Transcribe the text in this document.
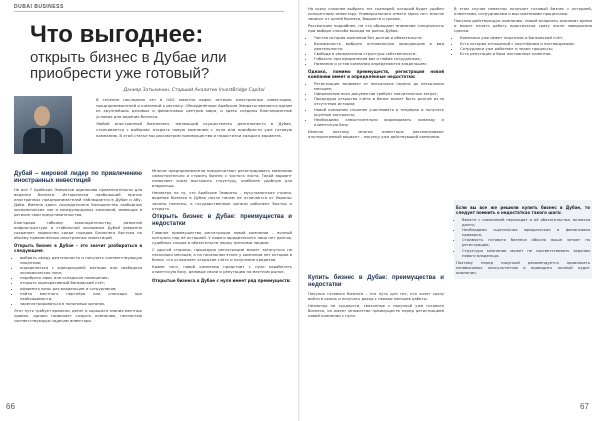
DUBAI BUSINESS
Что выгоднее:
открыть бизнес в Дубае или приобрести уже готовый?
Данияр Затыкинин, Старший Аналитик InvestBridge Capital

В течение последних лет в ОАЭ заметно вырос интерес иностранных инвесторов, предпринимателей и компаний к региону. Объединённые Арабские Эмираты являются одним из крупнейших деловых и финансовых центров мира, и здесь созданы благоприятные условия для ведения бизнеса.

Любой иностранный бизнесмен, желающий осуществлять деятельность в Дубае, сталкивается с выбором: открыть новую компанию с нуля или приобрести уже готовую компанию. В этой статье мы рассмотрим преимущества и недостатки каждого варианта.

Дубай – мировой лидер по привлечению иностранных инвестиций

Не все 7 Арабских Эмиратов одинаково привлекательны для ведения бизнеса. Исторически наибольший приток иностранных предпринимателей наблюдается в Дубае и Абу-Даби. Именно здесь сосредоточено большинство свободных экономических зон и международных компаний, имеющих в регионе свои представительства.

Благодаря гибкому законодательству, развитой инфраструктуре и стабильной экономике Дубай уверенно сохраняет лидерство среди городов Ближнего Востока по объёму привлечённых иностранных инвестиций.

Открыть бизнес в Дубае – это значит разбираться в следующем:
• выбрать сферу деятельности и получить соответствующую лицензию;
• определиться с юрисдикцией: материк или свободная экономическая зона;
• подобрать офис или складское помещение;
• открыть корпоративный банковский счёт;
• оформить визы для владельцев и сотрудников;
• найти местного партнёра или спонсора при необходимости;
• зарегистрироваться в налоговых органах.

Этот путь требует времени, денег и хорошего знания местных правил, однако позволяет создать компанию, полностью соответствующую задачам инвестора.

Многие предприниматели предпочитают регистрировать компанию самостоятельно и строить бизнес с чистого листа. Такой вариант позволяет сразу выстроить структуру, наиболее удобную для владельца.

Несмотря на то, что Арабские Эмираты – мусульманская страна, ведение бизнеса в Дубае почти ничем не отличается от Европы: законы понятны, а государственные органы работают быстро и открыто.

Открыть бизнес в Дубае: преимущества и недостатки

Главное преимущество регистрации новой компании – полный контроль над её историей. У нового юридического лица нет долгов, судебных споров и обязательств перед третьими лицами.

С другой стороны, процедура регистрации может затянуться на несколько месяцев, а на начальном этапе у компании нет истории в банке, что усложняет открытие счёта и получение кредитов.

Кроме того, новой компании предстоит с нуля наработать клиентскую базу, деловые связи и репутацию на местном рынке.

Открытые бизнеса в Дубае с нуля имеет ряд преимуществ:
66

Но сразу сложнее выбрать тот сценарий, который будет удобен конкретному инвестору. Универсального ответа здесь нет: многое зависит от целей бизнеса, бюджета и сроков.

Рассмотрим подробнее, на что обращают внимание специалисты при выборе способа выхода на рынок Дубая.

• Чистая история компании без долгов и обязательств;
• Возможность выбрать оптимальную юрисдикцию и вид деятельности;
• Свобода в определении структуры собственности;
• Гибкость при оформлении виз и найме сотрудников;
• Название и устав компании определяются владельцем.
Однако, помимо преимуществ, регистрация новой компании имеет и определённые недостатки:
• Регистрация занимает от нескольких недель до нескольких месяцев;
• Оформление всех документов требует значительных затрат;
• Процедура открытия счёта в банке может быть долгой из-за отсутствия истории;
• Новой компании сложнее участвовать в тендерах и получать крупные контракты;
• Необходимо самостоятельно формировать команду и клиентскую базу.

Именно поэтому многие инвесторы рассматривают альтернативный вариант – покупку уже действующей компании.

Купить бизнес в Дубае: преимущества и недостатки

Покупка готового бизнеса – это путь для тех, кто хочет сразу войти в рынок и получать доход с первых месяцев работы.

Несмотря на трудности, связанные с покупкой уже готового бизнеса, он имеет множество преимуществ перед регистрацией новой компании с нуля.

В этом случае инвестор получает готовый бизнес с историей, клиентами, сотрудниками и выстроенными процессами.

Покупая действующую компанию, новый владелец экономит время и может начать работу практически сразу после завершения сделки.

• Компания уже имеет лицензию и банковский счёт;
• Есть история отношений с партнёрами и поставщиками;
• Сотрудники уже работают и знают процессы;
• Есть репутация и база постоянных клиентов.
Если вы все же решили купить бизнес в Дубае, то следует помнить о недостатках такого шага:
• Вместе с компанией переходят и её обязательства, включая долги;
• Необходима тщательная юридическая и финансовая проверка;
• Стоимость готового бизнеса обычно выше затрат на регистрацию;
• Структура компании может не соответствовать задачам нового владельца.

Поэтому перед покупкой рекомендуется привлекать независимых консультантов и проводить полный аудит компании.

67
